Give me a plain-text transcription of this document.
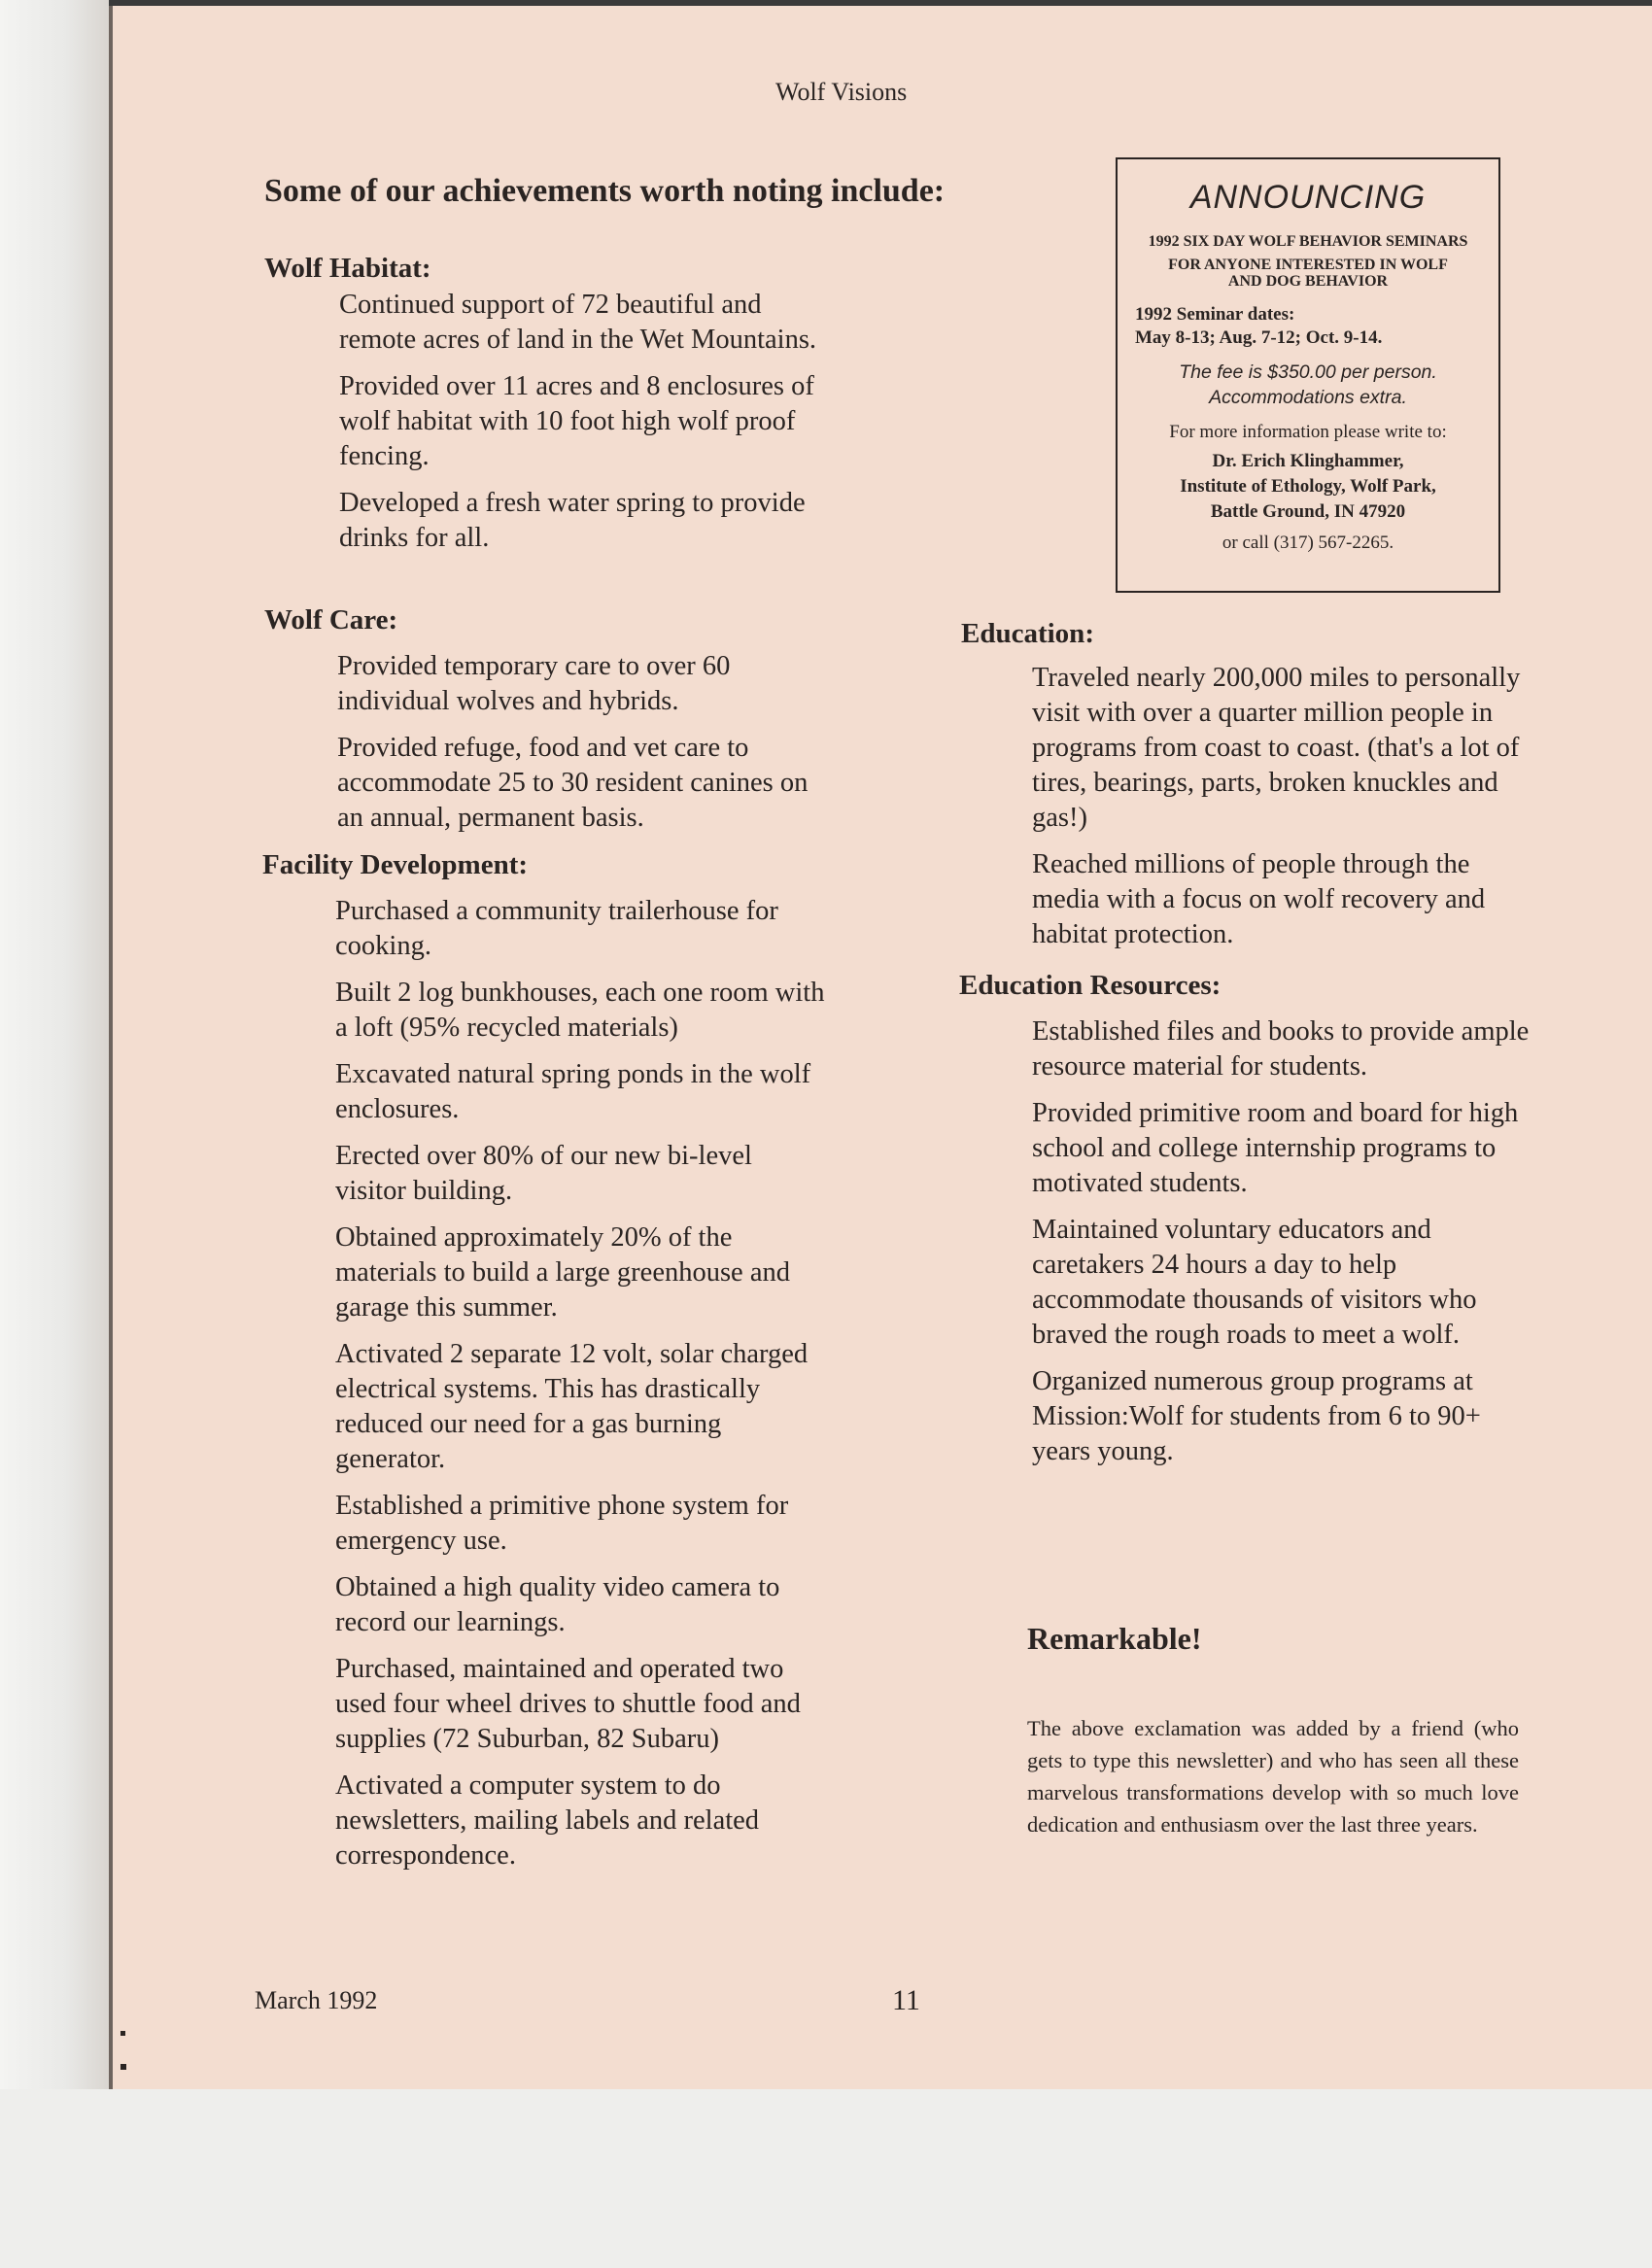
Wolf Visions
Some of our achievements worth noting include:
Wolf Habitat:

Continued support of 72 beautiful and remote acres of land in the Wet Mountains.

Provided over 11 acres and 8 enclosures of wolf habitat with 10 foot high wolf proof fencing.

Developed a fresh water spring to provide drinks for all.

Wolf Care:

Provided temporary care to over 60 individual wolves and hybrids.

Provided refuge, food and vet care to accommodate 25 to 30 resident canines on an annual, permanent basis.

Facility Development:

Purchased a community trailerhouse for cooking.

Built 2 log bunkhouses, each one room with a loft (95% recycled materials)

Excavated natural spring ponds in the wolf enclosures.

Erected over 80% of our new bi-level visitor building.

Obtained approximately 20% of the materials to build a large greenhouse and garage this summer.

Activated 2 separate 12 volt, solar charged electrical systems. This has drastically reduced our need for a gas burning generator.

Established a primitive phone system for emergency use.

Obtained a high quality video camera to record our learnings.

Purchased, maintained and operated two used four wheel drives to shuttle food and supplies (72 Suburban, 82 Subaru)

Activated a computer system to do newsletters, mailing labels and related correspondence.

ANNOUNCING
1992 SIX DAY WOLF BEHAVIOR SEMINARS
FOR ANYONE INTERESTED IN WOLF
AND DOG BEHAVIOR
1992 Seminar dates:
May 8-13; Aug. 7-12; Oct. 9-14.
The fee is $350.00 per person.
Accommodations extra.
For more information please write to:
Dr. Erich Klinghammer,
Institute of Ethology, Wolf Park,
Battle Ground, IN 47920
or call (317) 567-2265.
Education:

Traveled nearly 200,000 miles to personally visit with over a quarter million people in programs from coast to coast. (that's a lot of tires, bearings, parts, broken knuckles and gas!)

Reached millions of people through the media with a focus on wolf recovery and habitat protection.

Education Resources:

Established files and books to provide ample resource material for students.

Provided primitive room and board for high school and college internship programs to motivated students.

Maintained voluntary educators and caretakers 24 hours a day to help accommodate thousands of visitors who braved the rough roads to meet a wolf.

Organized numerous group programs at Mission:Wolf for students from 6 to 90+ years young.

Remarkable!
The above exclamation was added by a friend (who gets to type this newsletter) and who has seen all these marvelous transformations develop with so much love dedication and enthusiasm over the last three years.
March 1992	11
